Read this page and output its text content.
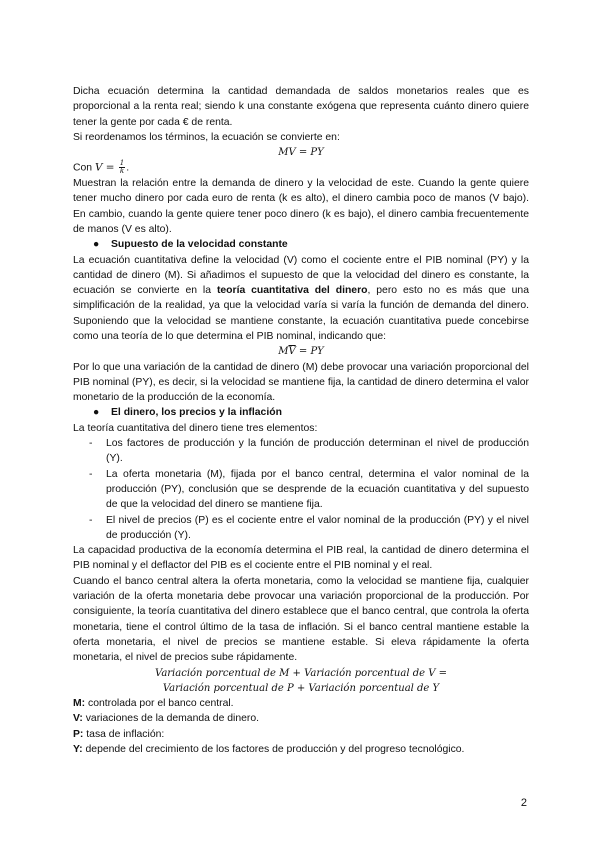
Dicha ecuación determina la cantidad demandada de saldos monetarios reales que es proporcional a la renta real; siendo k una constante exógena que representa cuánto dinero quiere tener la gente por cada € de renta.

Si reordenamos los términos, la ecuación se convierte en:

MV = PY

Con $V = \frac{1}{k}$ .

Muestran la relación entre la demanda de dinero y la velocidad de este. Cuando la gente quiere tener mucho dinero por cada euro de renta (k es alto), el dinero cambia poco de manos (V bajo). En cambio, cuando la gente quiere tener poco dinero (k es bajo), el dinero cambia frecuentemente de manos (V es alto).

● Supuesto de la velocidad constante

La ecuación cuantitativa define la velocidad (V) como el cociente entre el PIB nominal (PY) y la cantidad de dinero (M). Si añadimos el supuesto de que la velocidad del dinero es constante, la ecuación se convierte en la teoría cuantitativa del dinero, pero esto no es más que una simplificación de la realidad, ya que la velocidad varía si varía la función de demanda del dinero. Suponiendo que la velocidad se mantiene constante, la ecuación cuantitativa puede concebirse como una teoría de lo que determina el PIB nominal, indicando que:

$M\overline{V}$ = PY

Por lo que una variación de la cantidad de dinero (M) debe provocar una variación proporcional del PIB nominal (PY), es decir, si la velocidad se mantiene fija, la cantidad de dinero determina el valor monetario de la producción de la economía.

● El dinero, los precios y la inflación

La teoría cuantitativa del dinero tiene tres elementos:

- Los factores de producción y la función de producción determinan el nivel de producción (Y).
- La oferta monetaria (M), fijada por el banco central, determina el valor nominal de la producción (PY), conclusión que se desprende de la ecuación cuantitativa y del supuesto de que la velocidad del dinero se mantiene fija.
- El nivel de precios (P) es el cociente entre el valor nominal de la producción (PY) y el nivel de producción (Y).

La capacidad productiva de la economía determina el PIB real, la cantidad de dinero determina el PIB nominal y el deflactor del PIB es el cociente entre el PIB nominal y el real.

Cuando el banco central altera la oferta monetaria, como la velocidad se mantiene fija, cualquier variación de la oferta monetaria debe provocar una variación proporcional de la producción. Por consiguiente, la teoría cuantitativa del dinero establece que el banco central, que controla la oferta monetaria, tiene el control último de la tasa de inflación. Si el banco central mantiene estable la oferta monetaria, el nivel de precios se mantiene estable. Si eleva rápidamente la oferta monetaria, el nivel de precios sube rápidamente.

Variación porcentual de M + Variación porcentual de V =

Variación porcentual de P + Variación porcentual de Y

M: controlada por el banco central.

V: variaciones de la demanda de dinero.

P: tasa de inflación:

Y: depende del crecimiento de los factores de producción y del progreso tecnológico.

2
